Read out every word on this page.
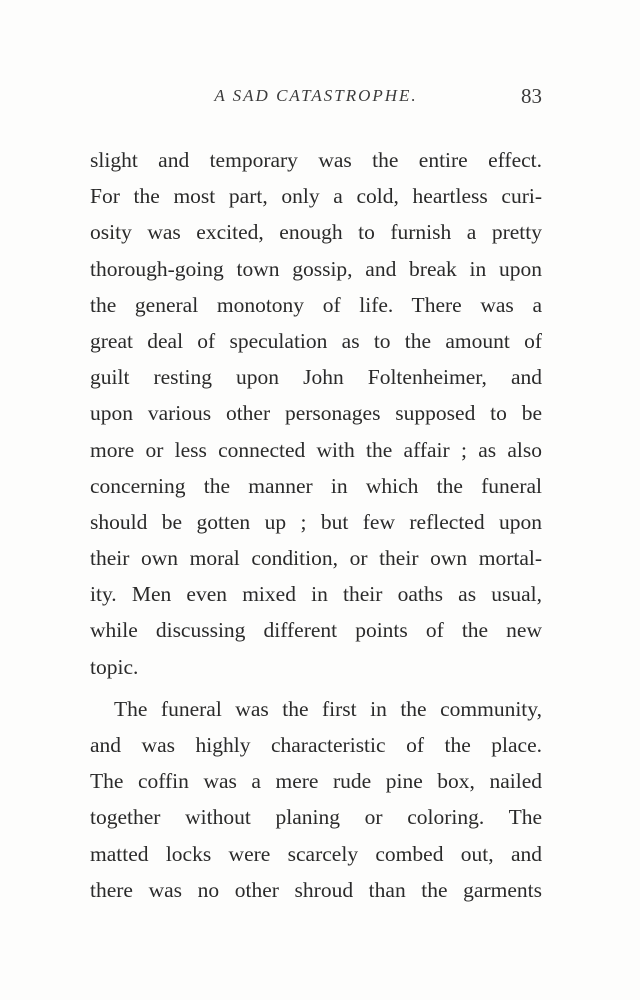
A SAD CATASTROPHE.	83
slight and temporary was the entire effect.
For the most part, only a cold, heartless curi-
osity was excited, enough to furnish a pretty
thorough-going town gossip, and break in upon
the general monotony of life. There was a
great deal of speculation as to the amount of
guilt resting upon John Foltenheimer, and
upon various other personages supposed to be
more or less connected with the affair ; as also
concerning the manner in which the funeral
should be gotten up ; but few reflected upon
their own moral condition, or their own mortal-
ity. Men even mixed in their oaths as usual,
while discussing different points of the new
topic.
The funeral was the first in the community,
and was highly characteristic of the place.
The coffin was a mere rude pine box, nailed
together without planing or coloring. The
matted locks were scarcely combed out, and
there was no other shroud than the garments
